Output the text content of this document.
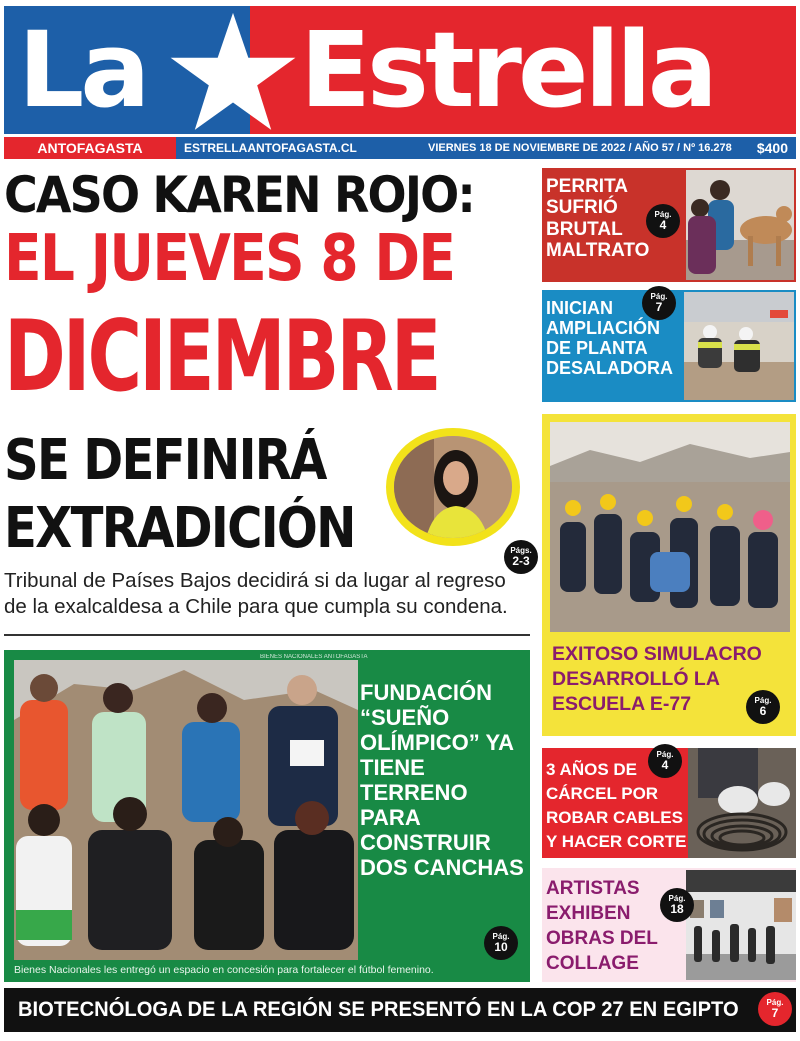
La Estrella
ANTOFAGASTA	ESTRELLAANTOFAGASTA.CL	VIERNES 18 DE NOVIEMBRE DE 2022 / AÑO 57 / Nº 16.278 $400
CASO KAREN ROJO:
EL JUEVES 8 DE
DICIEMBRE
SE DEFINIRÁ
EXTRADICIÓN	Págs.
2-3
Tribunal de Países Bajos decidirá si da lugar al regreso de la exalcaldesa a Chile para que cumpla su condena.
PERRITA SUFRIÓ BRUTAL MALTRATO
Pág.
4
INICIAN AMPLIACIÓN DE PLANTA DESALADORA
Pág.
7
EXITOSO SIMULACRO DESARROLLÓ LA ESCUELA E-77	Pág.
6
3 AÑOS DE CÁRCEL POR ROBAR CABLES Y HACER CORTE
Pág.
4
ARTISTAS EXHIBEN OBRAS DEL COLLAGE
Pág.
18
BIENES NACIONALES ANTOFAGASTA
FUNDACIÓN “SUEÑO OLÍMPICO” YA TIENE TERRENO PARA CONSTRUIR DOS CANCHAS
Pág.
10
Bienes Nacionales les entregó un espacio en concesión para fortalecer el fútbol femenino.
BIOTECNÓLOGA DE LA REGIÓN SE PRESENTÓ EN LA COP 27 EN EGIPTO	Pág.
7
